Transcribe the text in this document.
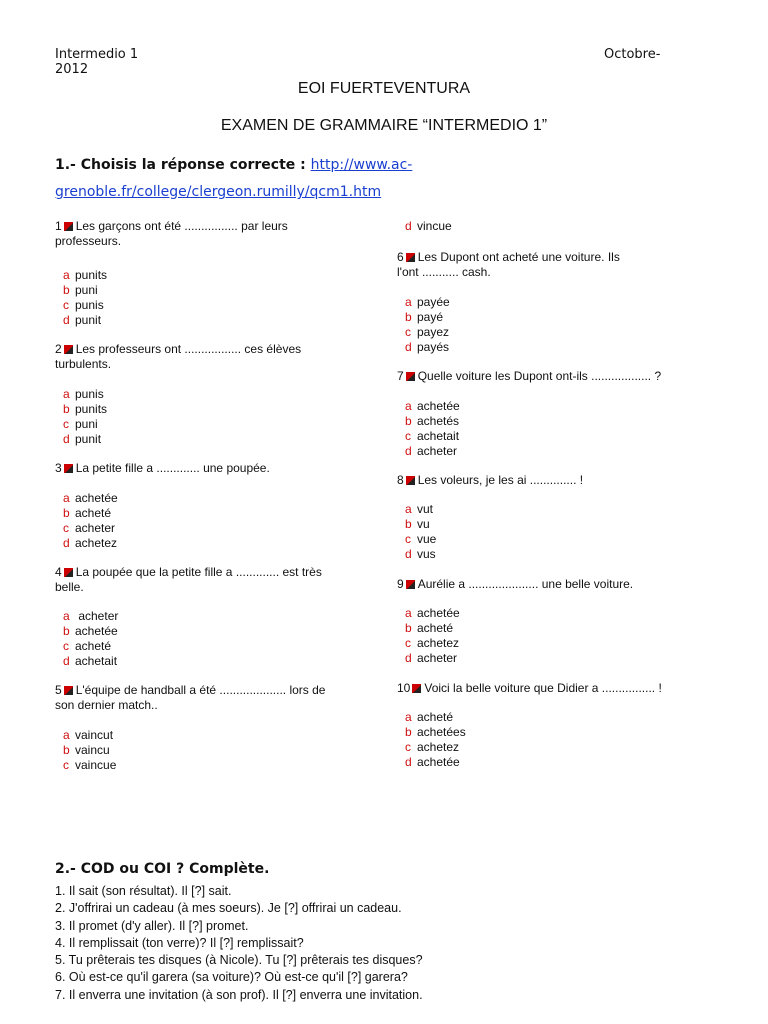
Intermedio 1
2012
Octobre-
EOI FUERTEVENTURA
EXAMEN DE GRAMMAIRE “INTERMEDIO 1”
1.- Choisis la réponse correcte : http://www.ac-
grenoble.fr/college/clergeon.rumilly/qcm1.htm
1 Les garçons ont été ................ par leurs
professeurs.
a punits
b puni
c punis
d punit
2 Les professeurs ont ................. ces élèves
turbulents.
a punis
b punits
c puni
d punit
3 La petite fille a ............. une poupée.
a achetée
b acheté
c acheter
d achetez
4 La poupée que la petite fille a ............. est très
belle.
a acheter
b achetée
c acheté
d achetait
5 L'équipe de handball a été .................... lors de
son dernier match..
a vaincut
b vaincu
c vaincue
d vincue
6 Les Dupont ont acheté une voiture. Ils
l'ont ........... cash.
a payée
b payé
c payez
d payés
7 Quelle voiture les Dupont ont-ils .................. ?
a achetée
b achetés
c achetait
d acheter
8 Les voleurs, je les ai .............. !
a vut
b vu
c vue
d vus
9 Aurélie a ..................... une belle voiture.
a achetée
b acheté
c achetez
d acheter
10 Voici la belle voiture que Didier a ................ !
a acheté
b achetées
c achetez
d achetée
2.- COD ou COI ? Complète.
1. Il sait (son résultat). Il [?] sait.
2. J'offrirai un cadeau (à mes soeurs). Je [?] offrirai un cadeau.
3. Il promet (d'y aller). Il [?] promet.
4. Il remplissait (ton verre)? Il [?] remplissait?
5. Tu prêterais tes disques (à Nicole). Tu [?] prêterais tes disques?
6. Où est-ce qu'il garera (sa voiture)? Où est-ce qu'il [?] garera?
7. Il enverra une invitation (à son prof). Il [?] enverra une invitation.
